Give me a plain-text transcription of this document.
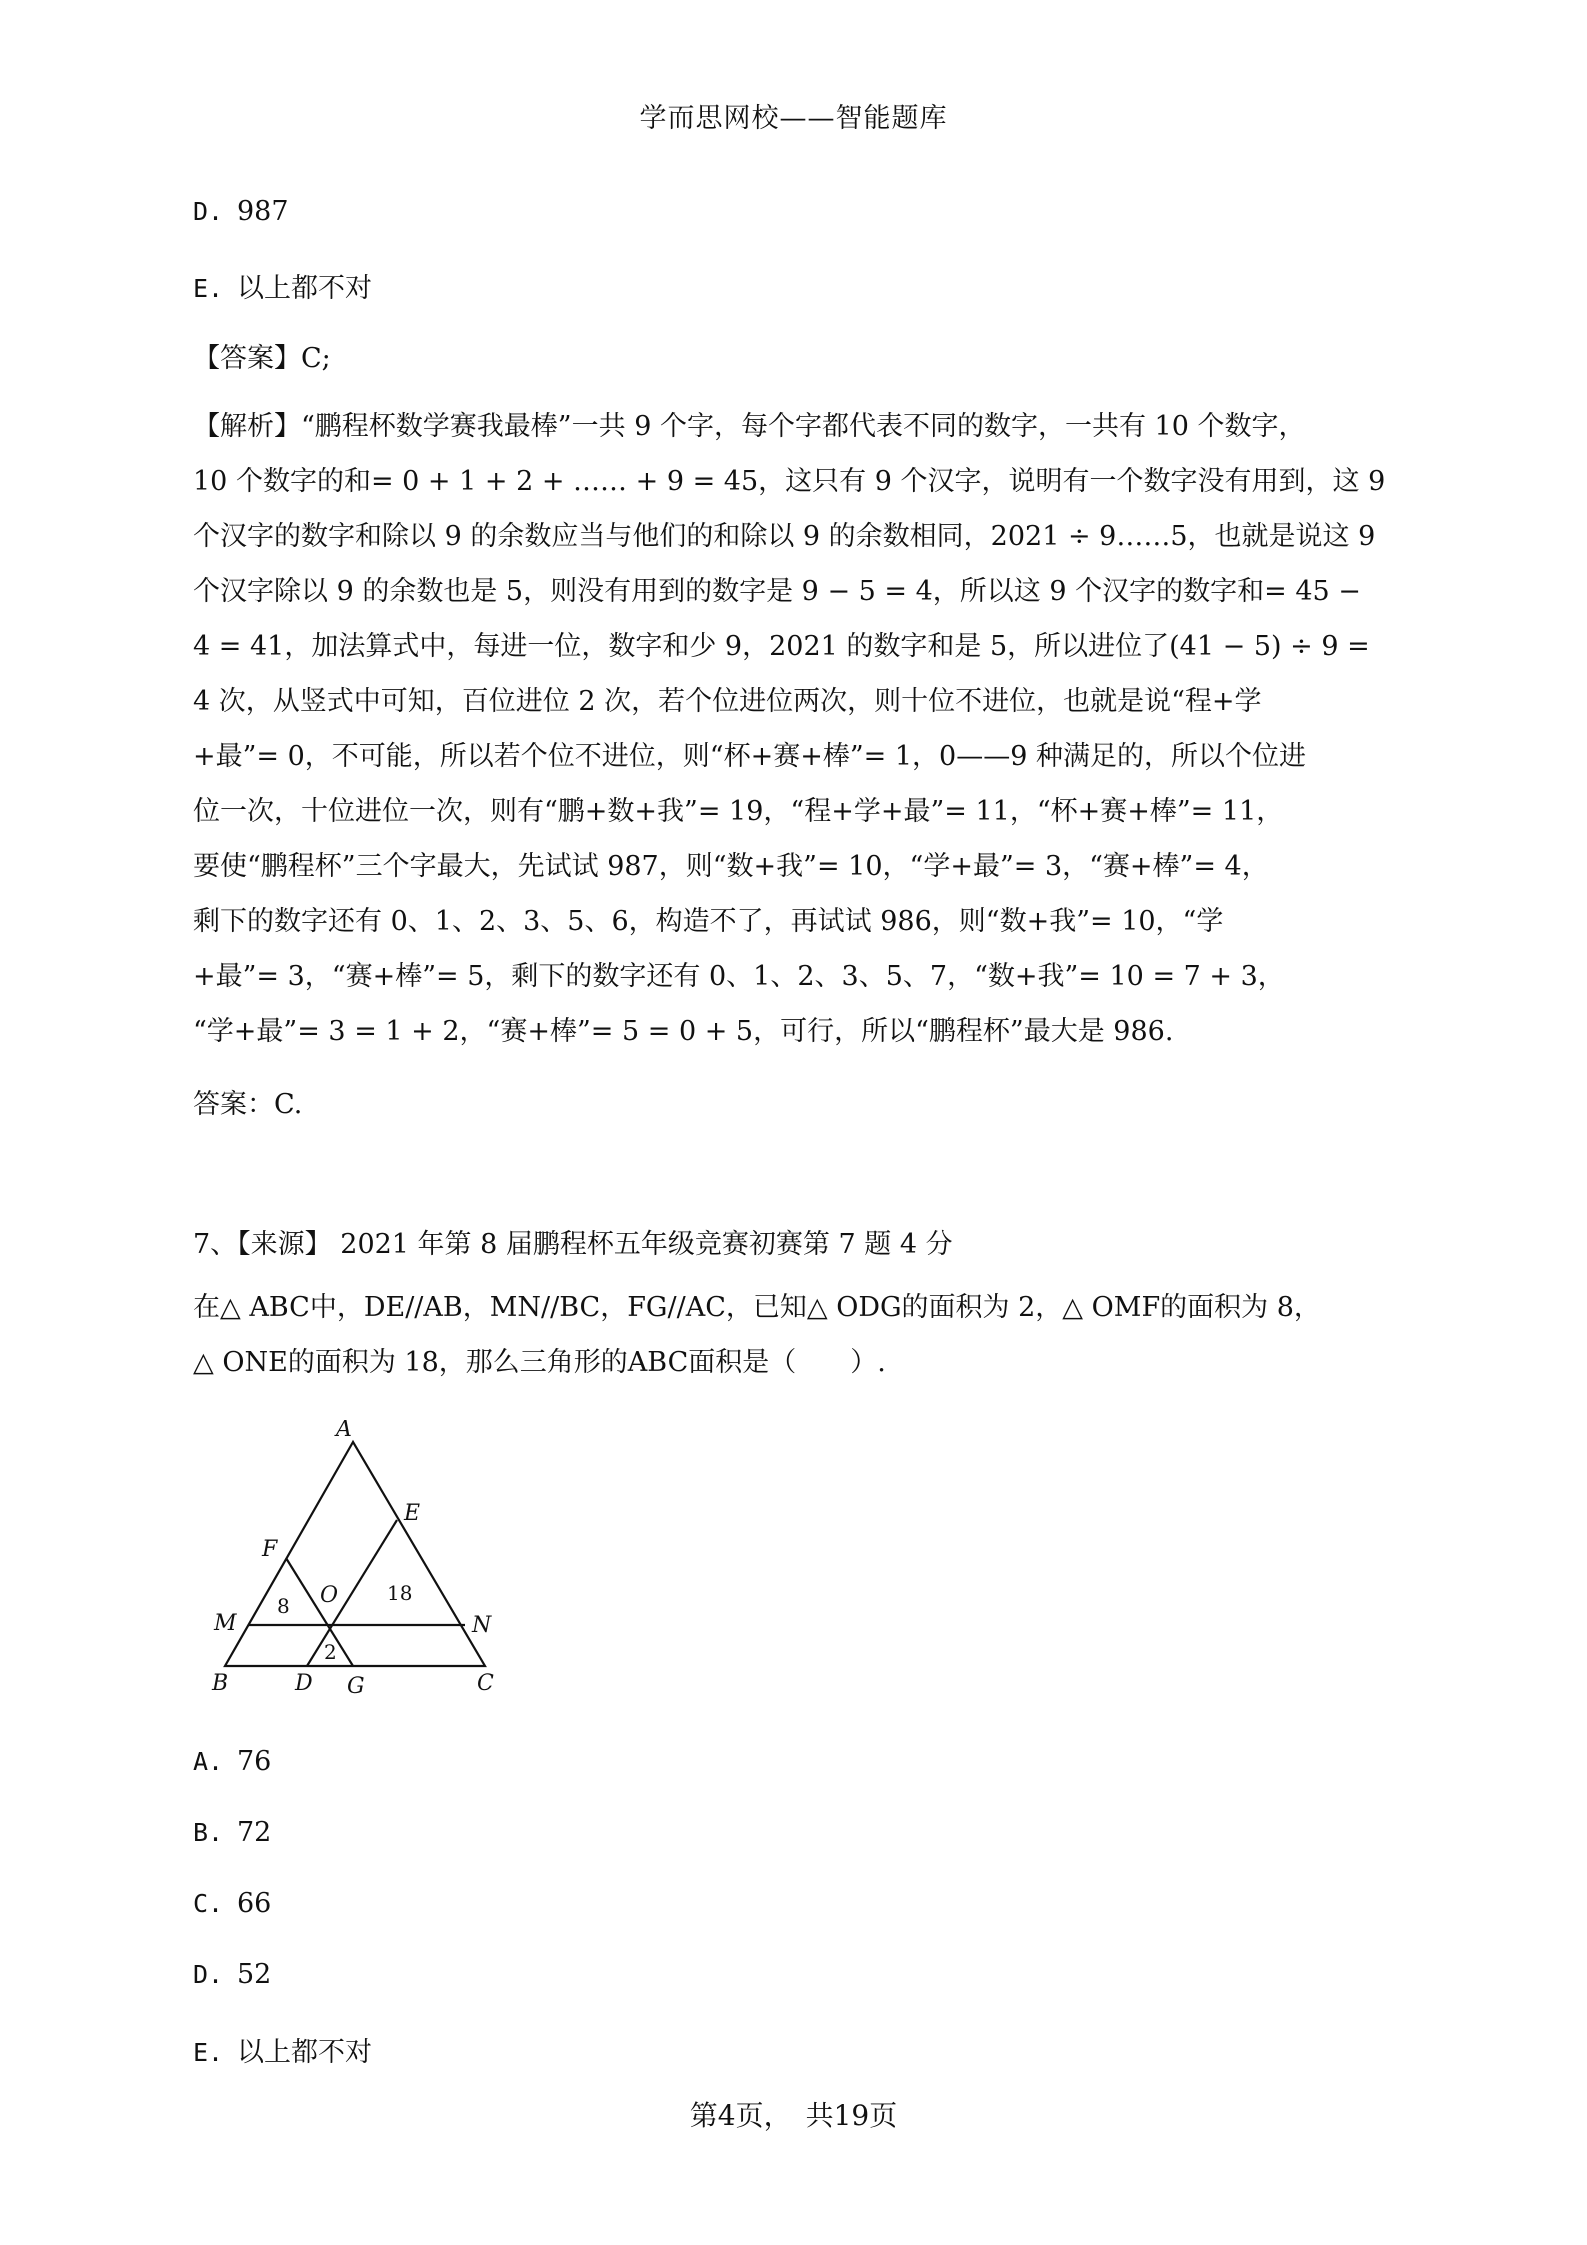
学而思网校——智能题库
D. 987
E. 以上都不对
【答案】C;
【解析】“鹏程杯数学赛我最棒”一共 9 个字，每个字都代表不同的数字，一共有 10 个数字，
10 个数字的和= 0 + 1 + 2 + …… + 9 = 45，这只有 9 个汉字，说明有一个数字没有用到，这 9
个汉字的数字和除以 9 的余数应当与他们的和除以 9 的余数相同，2021 ÷ 9……5，也就是说这 9
个汉字除以 9 的余数也是 5，则没有用到的数字是 9 − 5 = 4，所以这 9 个汉字的数字和= 45 −
4 = 41，加法算式中，每进一位，数字和少 9，2021 的数字和是 5，所以进位了(41 − 5) ÷ 9 =
4 次，从竖式中可知，百位进位 2 次，若个位进位两次，则十位不进位，也就是说“程+学
+最”= 0，不可能，所以若个位不进位，则“杯+赛+棒”= 1，0——9 种满足的，所以个位进
位一次，十位进位一次，则有“鹏+数+我”= 19，“程+学+最”= 11，“杯+赛+棒”= 11，
要使“鹏程杯”三个字最大，先试试 987，则“数+我”= 10，“学+最”= 3，“赛+棒”= 4，
剩下的数字还有 0、1、2、3、5、6，构造不了，再试试 986，则“数+我”= 10，“学
+最”= 3，“赛+棒”= 5，剩下的数字还有 0、1、2、3、5、7，“数+我”= 10 = 7 + 3，
“学+最”= 3 = 1 + 2，“赛+棒”= 5 = 0 + 5，可行，所以“鹏程杯”最大是 986.
答案：C.
7、【来源】 2021 年第 8 届鹏程杯五年级竞赛初赛第 7 题 4 分
在△ ABC中，DE//AB，MN//BC，FG//AC，已知△ ODG的面积为 2，△ OMF的面积为 8，
△ ONE的面积为 18，那么三角形的ABC面积是（　　）.
A
E
F
O
M	N
B	D G	C
8
18
2
A. 76
B. 72
C. 66
D. 52
E. 以上都不对
第4页，　共19页
